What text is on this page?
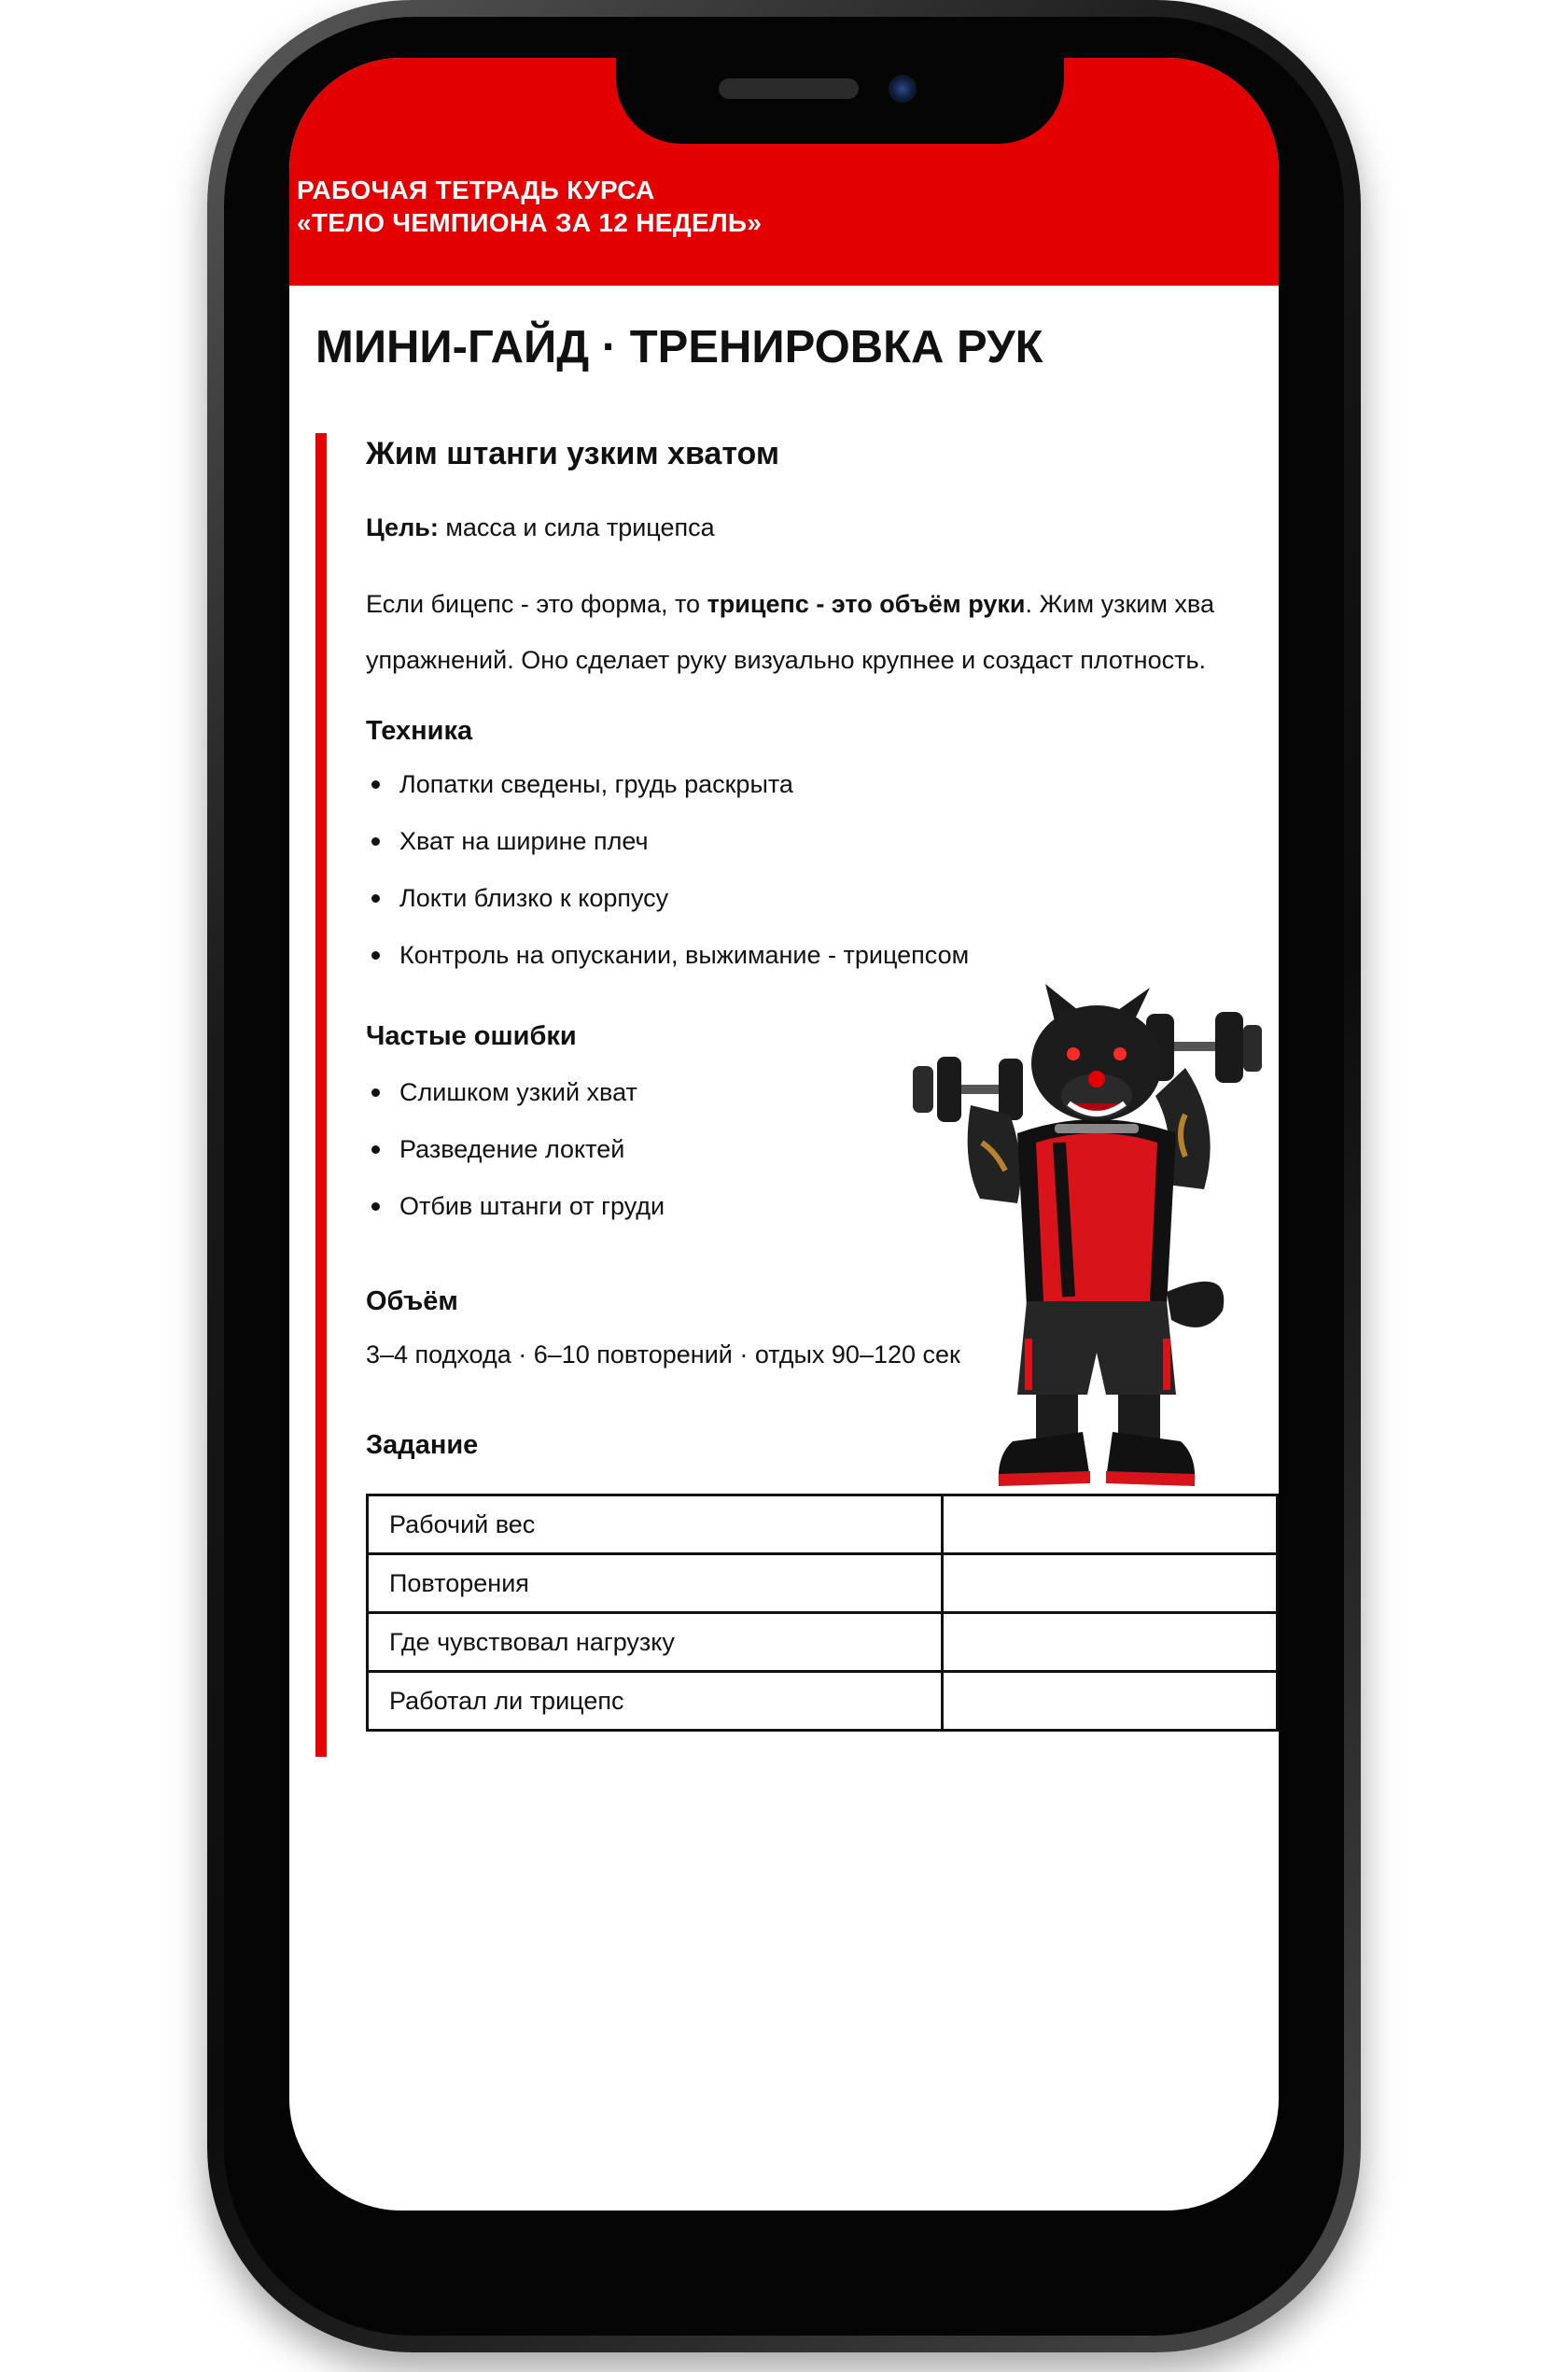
РАБОЧАЯ ТЕТРАДЬ КУРСА
«ТЕЛО ЧЕМПИОНА ЗА 12 НЕДЕЛЬ»
МИНИ-ГАЙД · ТРЕНИРОВКА РУК
Жим штанги узким хватом
Цель: масса и сила трицепса
Если бицепс - это форма, то трицепс - это объём руки. Жим узким хва
упражнений. Оно сделает руку визуально крупнее и создаст плотность.
Техника
Лопатки сведены, грудь раскрыта
Хват на ширине плеч
Локти близко к корпусу
Контроль на опускании, выжимание - трицепсом
Частые ошибки
Слишком узкий хват
Разведение локтей
Отбив штанги от груди
Объём
3–4 подхода · 6–10 повторений · отдых 90–120 сек
Задание
Рабочий вес	
Повторения	
Где чувствовал нагрузку	
Работал ли трицепс	
